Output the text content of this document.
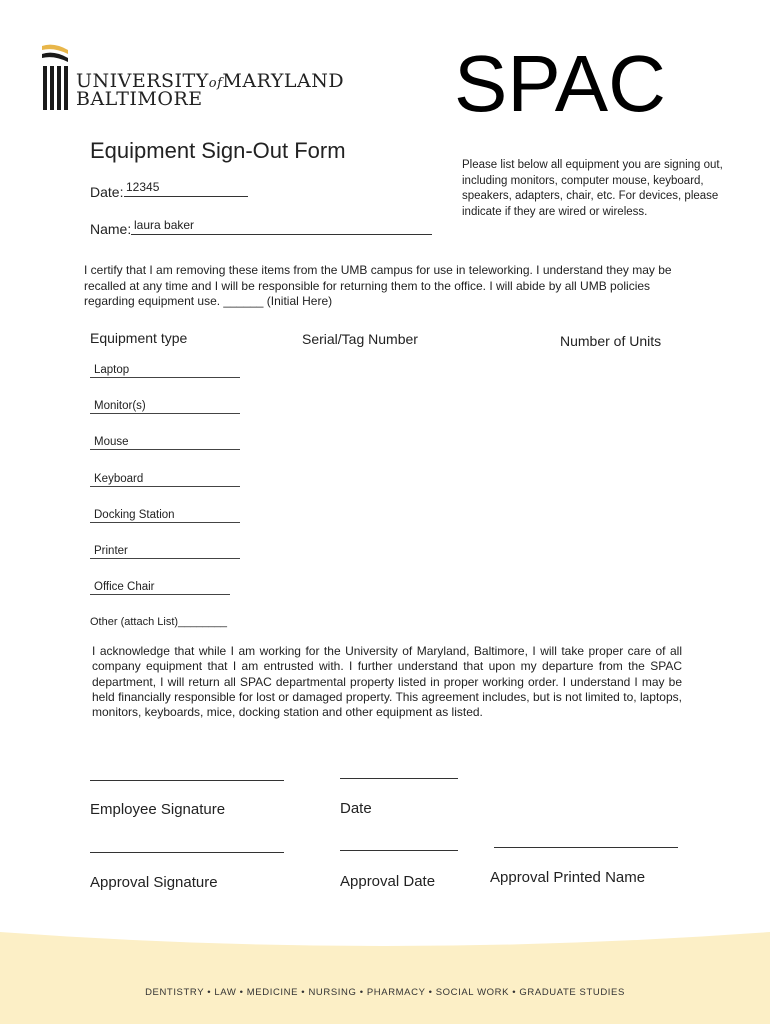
UNIVERSITYofMARYLAND
BALTIMORE	SPAC
Equipment Sign-Out Form
Please list below all equipment you are signing out, including monitors, computer mouse, keyboard, speakers, adapters, chair, etc. For devices, please indicate if they are wired or wireless.
Date: 12345
Name: laura baker
I certify that I am removing these items from the UMB campus for use in teleworking. I understand they may be recalled at any time and I will be responsible for returning them to the office. I will abide by all UMB policies regarding equipment use. ______ (Initial Here)
Equipment type	Serial/Tag Number	Number of Units
Laptop
Monitor(s)
Mouse
Keyboard
Docking Station
Printer
Office Chair
Other (attach List)________
I acknowledge that while I am working for the University of Maryland, Baltimore, I will take proper care of all company equipment that I am entrusted with. I further understand that upon my departure from the SPAC department, I will return all SPAC departmental property listed in proper working order. I understand I may be held financially responsible for lost or damaged property. This agreement includes, but is not limited to, laptops, monitors, keyboards, mice, docking station and other equipment as listed.
Employee Signature	Date
Approval Signature	Approval Date	Approval Printed Name
DENTISTRY • LAW • MEDICINE • NURSING • PHARMACY • SOCIAL WORK • GRADUATE STUDIES
